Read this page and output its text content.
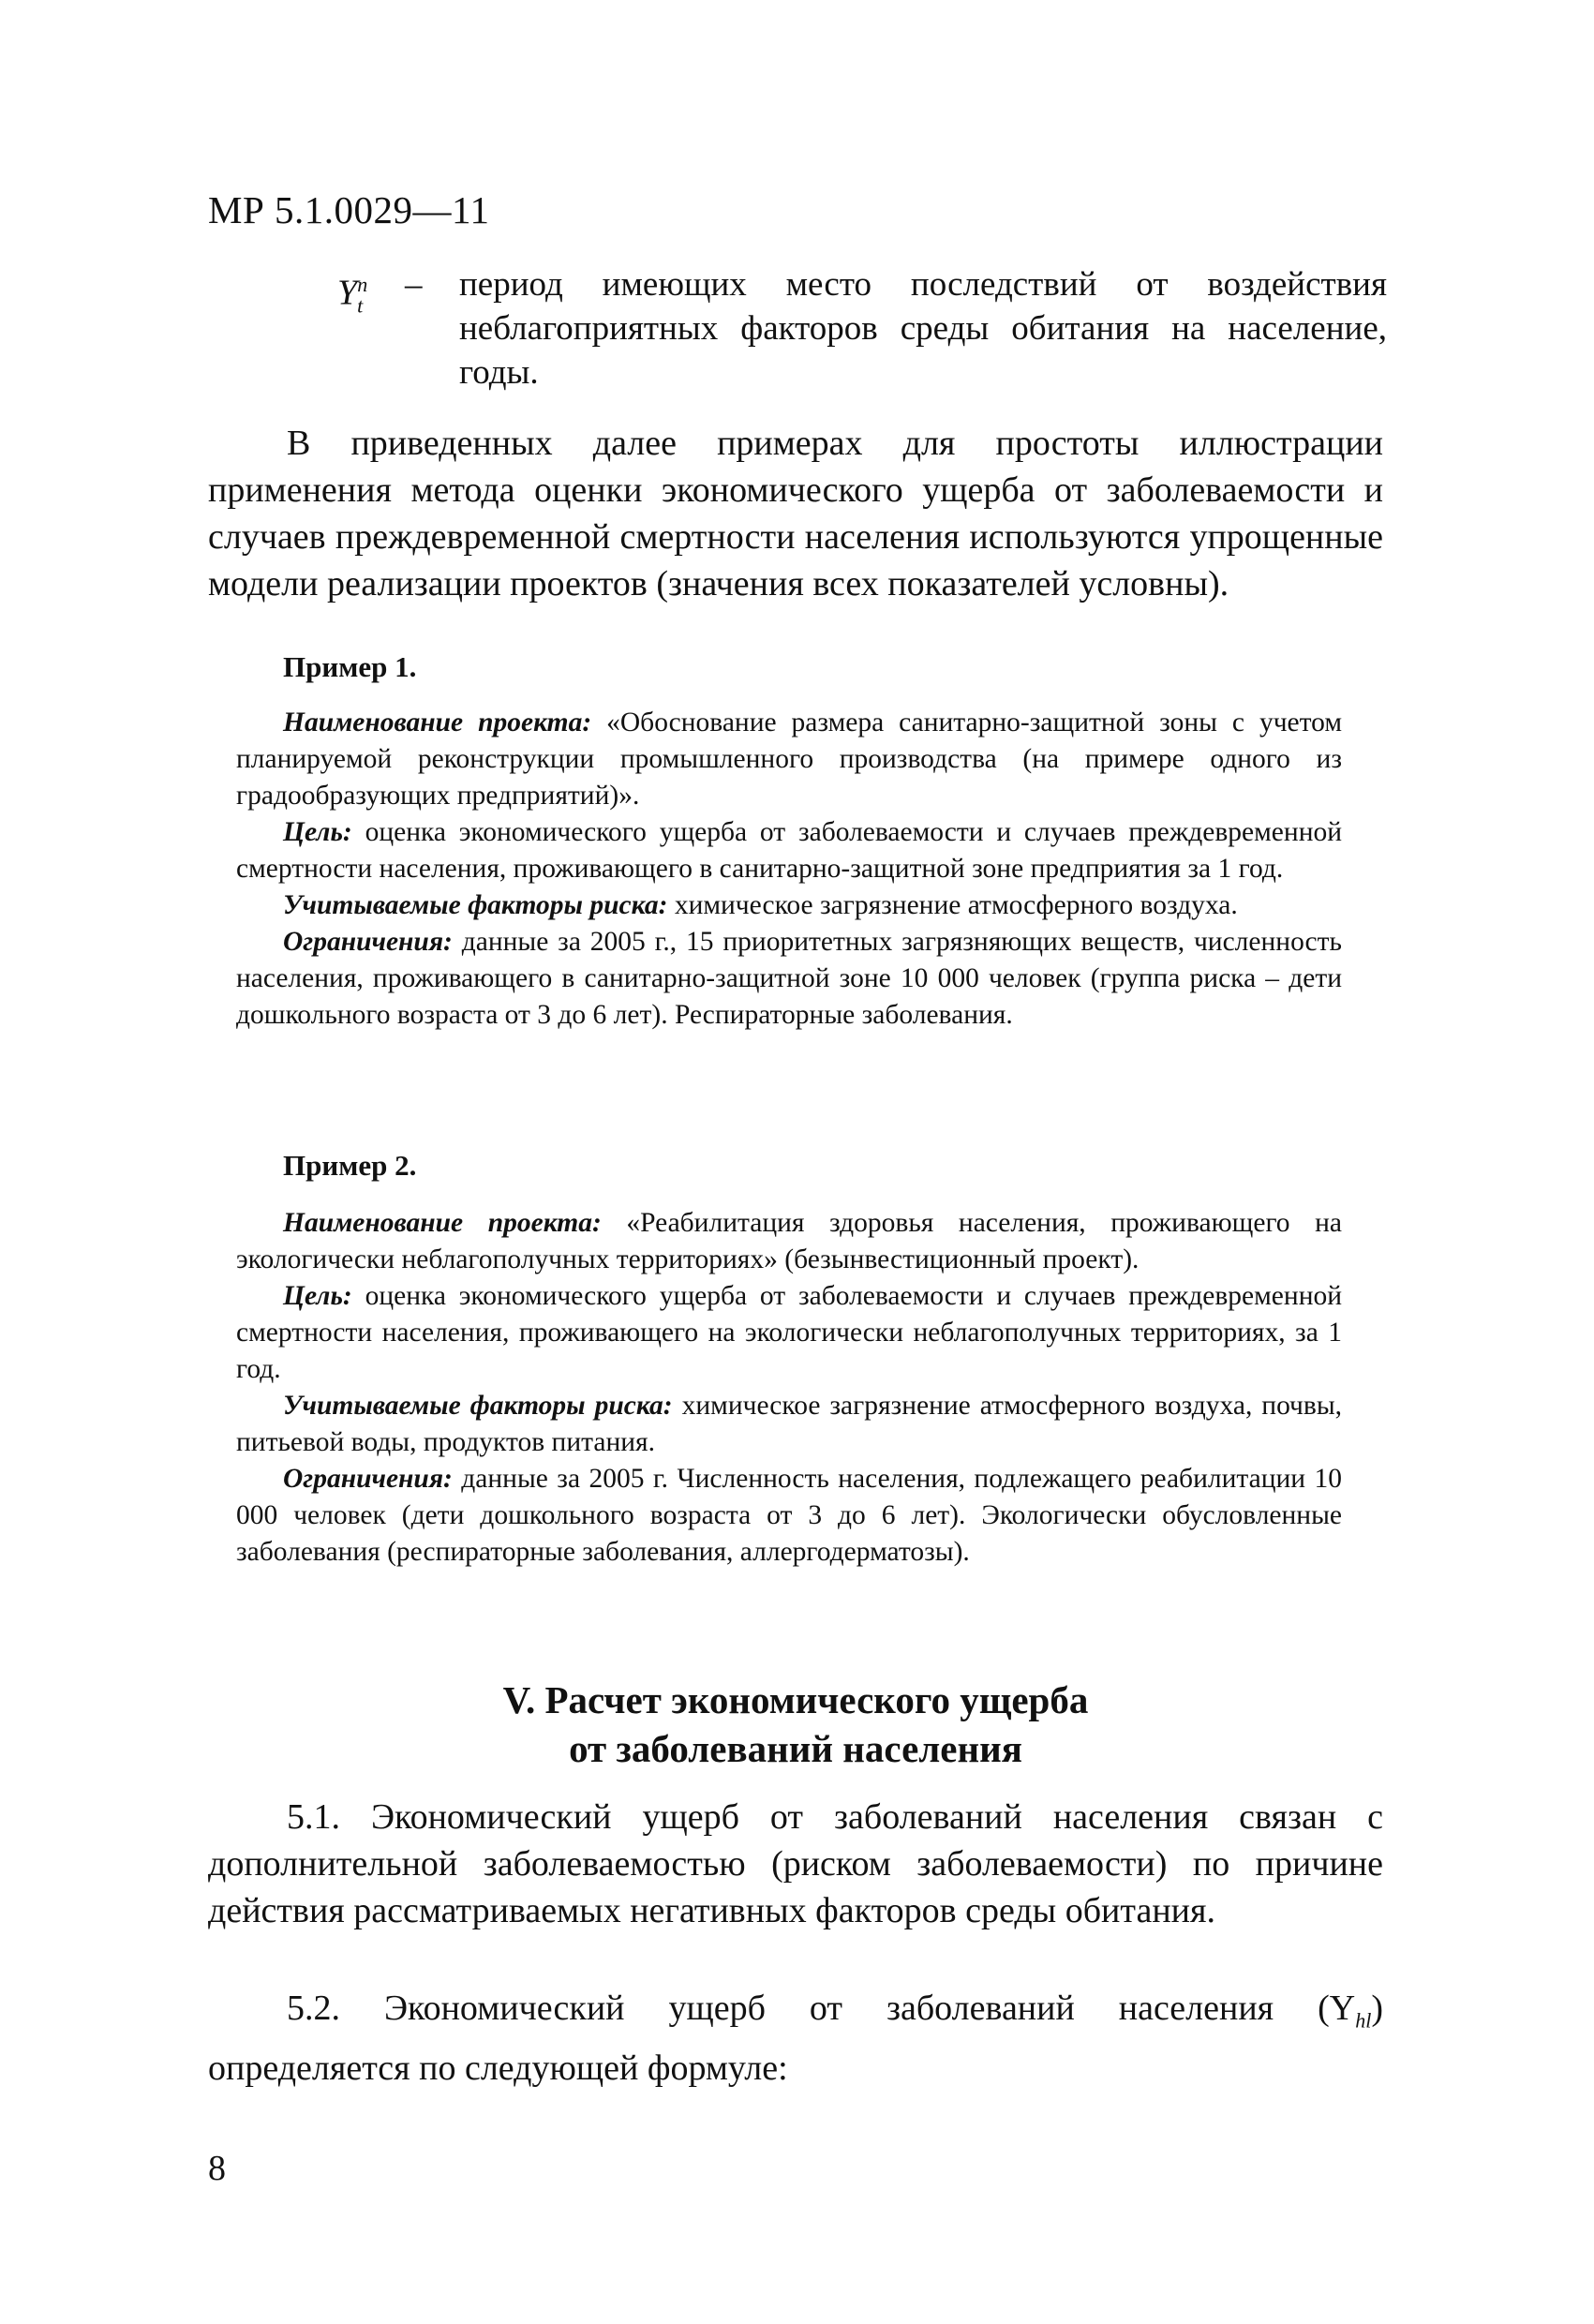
МР 5.1.0029—11
$Y_t^n$ – период имеющих место последствий от воздействия неблагоприятных факторов среды обитания на население, годы.

В приведенных далее примерах для простоты иллюстрации применения метода оценки экономического ущерба от заболеваемости и случаев преждевременной смертности населения используются упрощенные модели реализации проектов (значения всех показателей условны).

Пример 1.

Наименование проекта: «Обоснование размера санитарно-защитной зоны с учетом планируемой реконструкции промышленного производства (на примере одного из градообразующих предприятий)».

Цель: оценка экономического ущерба от заболеваемости и случаев преждевременной смертности населения, проживающего в санитарно-защитной зоне предприятия за 1 год.

Учитываемые факторы риска: химическое загрязнение атмосферного воздуха.

Ограничения: данные за 2005 г., 15 приоритетных загрязняющих веществ, численность населения, проживающего в санитарно-защитной зоне 10 000 человек (группа риска – дети дошкольного возраста от 3 до 6 лет). Респираторные заболевания.

Пример 2.

Наименование проекта: «Реабилитация здоровья населения, проживающего на экологически неблагополучных территориях» (безынвестиционный проект).

Цель: оценка экономического ущерба от заболеваемости и случаев преждевременной смертности населения, проживающего на экологически неблагополучных территориях, за 1 год.

Учитываемые факторы риска: химическое загрязнение атмосферного воздуха, почвы, питьевой воды, продуктов питания.

Ограничения: данные за 2005 г. Численность населения, подлежащего реабилитации 10 000 человек (дети дошкольного возраста от 3 до 6 лет). Экологически обусловленные заболевания (респираторные заболевания, аллергодерматозы).

V. Расчет экономического ущерба
от заболеваний населения

5.1. Экономический ущерб от заболеваний населения связан с дополнительной заболеваемостью (риском заболеваемости) по причине действия рассматриваемых негативных факторов среды обитания.

5.2. Экономический ущерб от заболеваний населения $(Y_{hl})$ определяется по следующей формуле:

8
